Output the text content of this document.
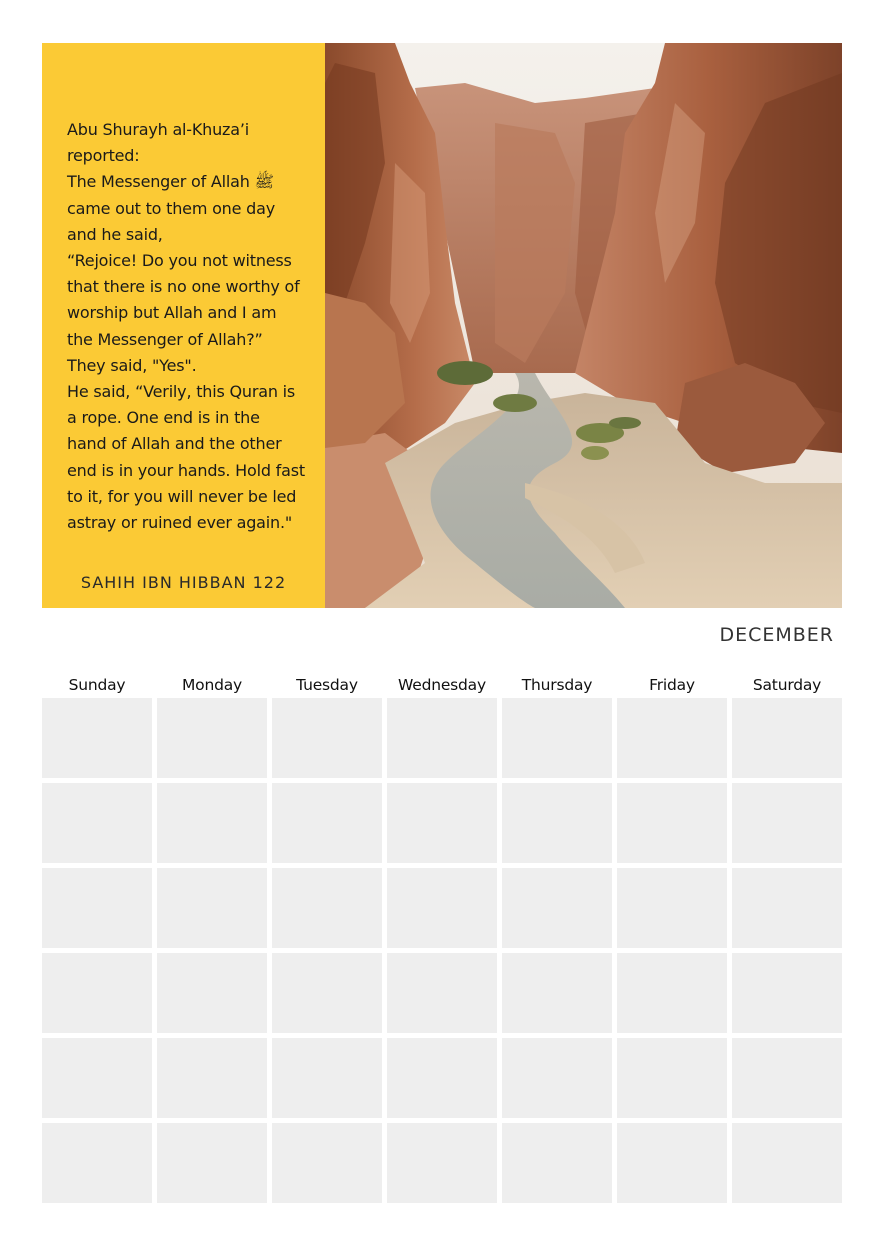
Abu Shurayh al-Khuza’i
reported:
The Messenger of Allah ﷺ
came out to them one day
and he said,
“Rejoice! Do you not witness
that there is no one worthy of
worship but Allah and I am
the Messenger of Allah?”
They said, "Yes".
He said, “Verily, this Quran is
a rope. One end is in the
hand of Allah and the other
end is in your hands. Hold fast
to it, for you will never be led
astray or ruined ever again."
SAHIH IBN HIBBAN 122
DECEMBER
Sunday	Monday	Tuesday	Wednesday	Thursday	Friday	Saturday
